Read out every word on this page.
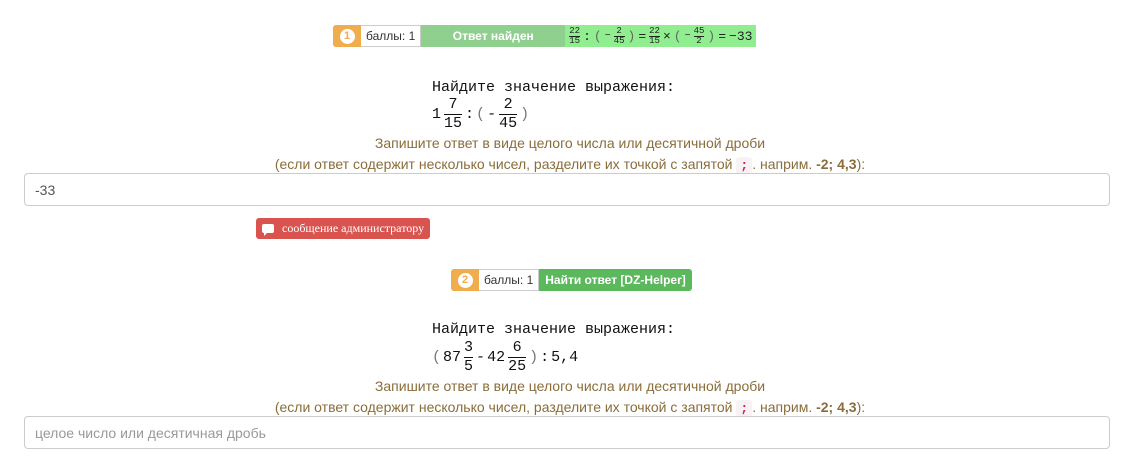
1	баллы: 1	Ответ найден	22
15 : ( − 2
45 ) = 22
15 × ( − 45
2 ) = −33
Найдите значение выражения:
$1 \frac{7}{15}$ : ( - $\frac{2}{45}$ )
Запишите ответ в виде целого числа или десятичной дроби
(если ответ содержит несколько чисел, разделите их точкой с запятой ; . наприм. -2; 4,3):
-33
сообщение администратору
2	баллы: 1	Найти ответ [DZ-Helper]
Найдите значение выражения:
( $87 \frac{3}{5} - 42 \frac{6}{25}$ ) : 5,4
Запишите ответ в виде целого числа или десятичной дроби
(если ответ содержит несколько чисел, разделите их точкой с запятой ; . наприм. -2; 4,3):
целое число или десятичная дробь
